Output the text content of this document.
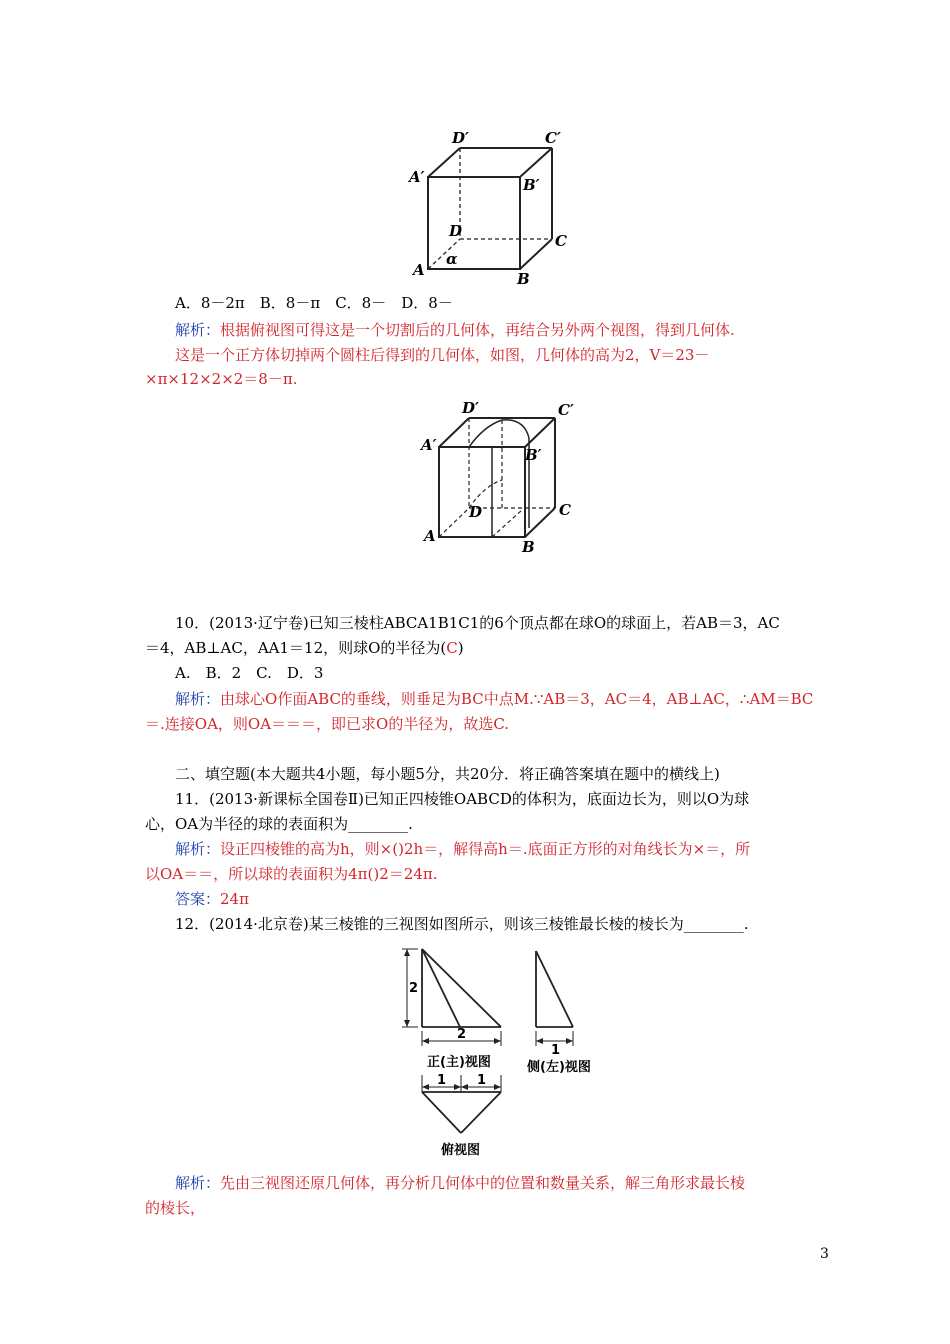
D′	C′
A′	B′
D
C
A
α
B
A．8－2π　B．8－π　C．8－　D．8－
解析：根据俯视图可得这是一个切割后的几何体，再结合另外两个视图，得到几何体.
这是一个正方体切掉两个圆柱后得到的几何体，如图，几何体的高为2，V＝23－
×π×12×2×2＝8－π.
D′	C′
A′
B′
D	C
A
B
10．(2013·辽宁卷)已知三棱柱ABCA1B1C1的6个顶点都在球O的球面上，若AB＝3，AC
＝4，AB⊥AC，AA1＝12，则球O的半径为(C)
A.　B．2　C.　D．3
解析：由球心O作面ABC的垂线，则垂足为BC中点M.∵AB＝3，AC＝4，AB⊥AC，∴AM＝BC
＝.连接OA，则OA＝＝＝，即已求O的半径为，故选C.
二、填空题(本大题共4小题，每小题5分，共20分．将正确答案填在题中的横线上)
11．(2013·新课标全国卷Ⅱ)已知正四棱锥OABCD的体积为，底面边长为，则以O为球
心，OA为半径的球的表面积为________.
解析：设正四棱锥的高为h，则×()2h＝，解得高h＝.底面正方形的对角线长为×＝，所
以OA＝＝，所以球的表面积为4π()2＝24π.
答案：24π
12．(2014·北京卷)某三棱锥的三视图如图所示，则该三棱锥最长棱的棱长为________.
2
2
1
1 1
正(主)视图	侧(左)视图
俯视图
解析：先由三视图还原几何体，再分析几何体中的位置和数量关系，解三角形求最长棱
的棱长，
3
